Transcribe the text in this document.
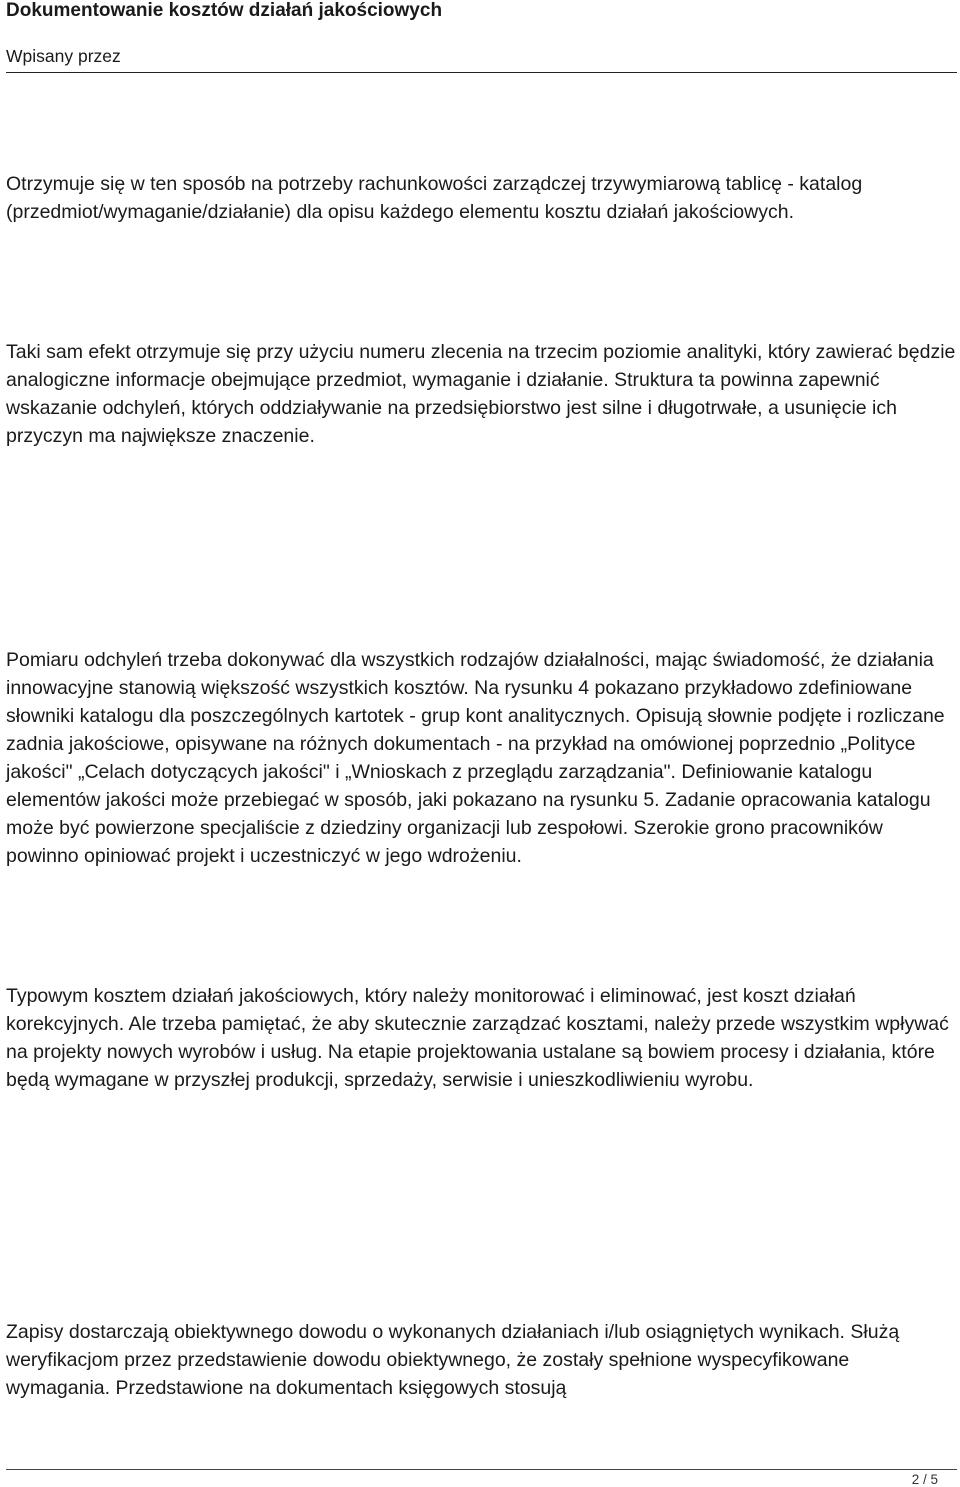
Dokumentowanie kosztów działań jakościowych
Wpisany przez

Otrzymuje się w ten sposób na potrzeby rachunkowości zarządczej trzywymiarową tablicę - katalog (przedmiot/wymaganie/działanie) dla opisu każdego elementu kosztu działań jakościowych.

Taki sam efekt otrzymuje się przy użyciu numeru zlecenia na trzecim poziomie analityki, który zawierać będzie analogiczne informacje obejmujące przedmiot, wymaganie i działanie. Struktura ta powinna zapewnić wskazanie odchyleń, których oddziaływanie na przedsiębiorstwo jest silne i długotrwałe, a usunięcie ich przyczyn ma największe znaczenie.

Pomiaru odchyleń trzeba dokonywać dla wszystkich rodzajów działalności, mając świadomość, że działania innowacyjne stanowią większość wszystkich kosztów. Na rysunku 4 pokazano przykładowo zdefiniowane słowniki katalogu dla poszczególnych kartotek - grup kont analitycznych. Opisują słownie podjęte i rozliczane zadnia jakościowe, opisywane na różnych dokumentach - na przykład na omówionej poprzednio „Polityce jakości" „Celach dotyczących jakości" i „Wnioskach z przeglądu zarządzania". Definiowanie katalogu elementów jakości może przebiegać w sposób, jaki pokazano na rysunku 5. Zadanie opracowania katalogu może być powierzone specjaliście z dziedziny organizacji lub zespołowi. Szerokie grono pracowników powinno opiniować projekt i uczestniczyć w jego wdrożeniu.

Typowym kosztem działań jakościowych, który należy monitorować i eliminować, jest koszt działań korekcyjnych. Ale trzeba pamiętać, że aby skutecznie zarządzać kosztami, należy przede wszystkim wpływać na projekty nowych wyrobów i usług. Na etapie projektowania ustalane są bowiem procesy i działania, które będą wymagane w przyszłej produkcji, sprzedaży, serwisie i unieszkodliwieniu wyrobu.

Zapisy dostarczają obiektywnego dowodu o wykonanych działaniach i/lub osiągniętych wynikach. Służą weryfikacjom przez przedstawienie dowodu obiektywnego, że zostały spełnione wyspecyfikowane wymagania. Przedstawione na dokumentach księgowych stosują

2 / 5
